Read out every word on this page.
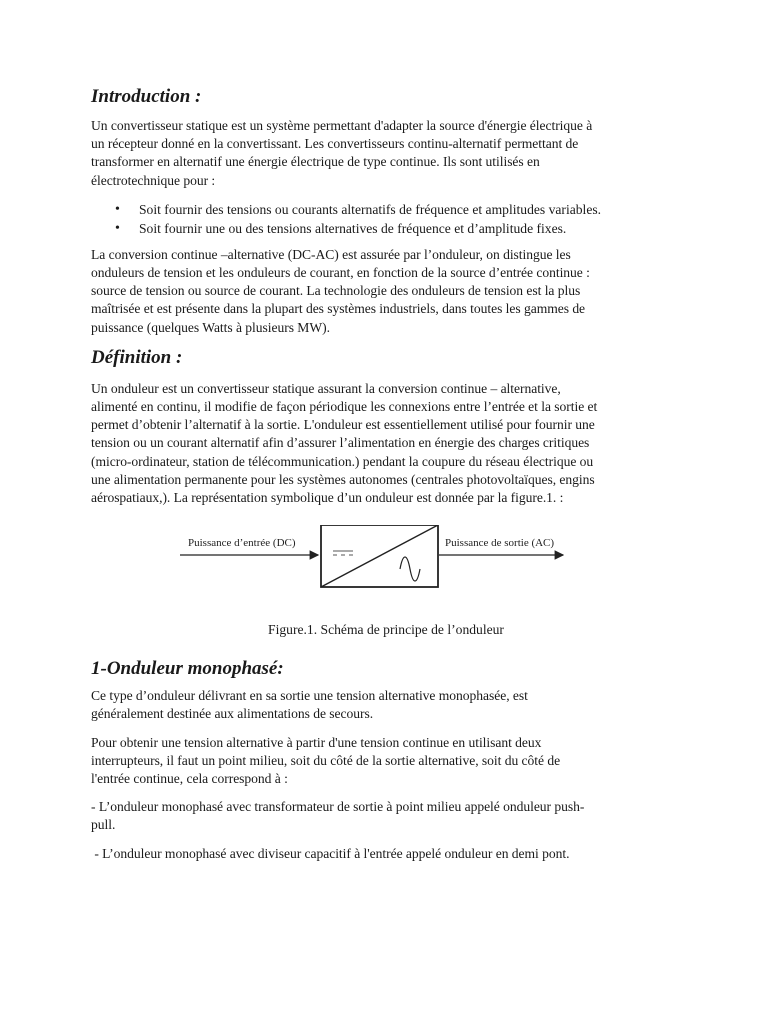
Introduction :

Un convertisseur statique est un système permettant d'adapter la source d'énergie électrique à
un récepteur donné en la convertissant. Les convertisseurs continu-alternatif permettant de
transformer en alternatif une énergie électrique de type continue. Ils sont utilisés en
électrotechnique pour :

• Soit fournir des tensions ou courants alternatifs de fréquence et amplitudes variables.
• Soit fournir une ou des tensions alternatives de fréquence et d’amplitude fixes.

La conversion continue –alternative (DC-AC) est assurée par l’onduleur, on distingue les
onduleurs de tension et les onduleurs de courant, en fonction de la source d’entrée continue :
source de tension ou source de courant. La technologie des onduleurs de tension est la plus
maîtrisée et est présente dans la plupart des systèmes industriels, dans toutes les gammes de
puissance (quelques Watts à plusieurs MW).

Définition :

Un onduleur est un convertisseur statique assurant la conversion continue – alternative,
alimenté en continu, il modifie de façon périodique les connexions entre l’entrée et la sortie et
permet d’obtenir l’alternatif à la sortie. L'onduleur est essentiellement utilisé pour fournir une
tension ou un courant alternatif afin d’assurer l’alimentation en énergie des charges critiques
(micro-ordinateur, station de télécommunication.) pendant la coupure du réseau électrique ou
une alimentation permanente pour les systèmes autonomes (centrales photovoltaïques, engins
aérospatiaux,). La représentation symbolique d’un onduleur est donnée par la figure.1. :

Puissance d’entrée (DC)	Puissance de sortie (AC)

Figure.1. Schéma de principe de l’onduleur

1-Onduleur monophasé:

Ce type d’onduleur délivrant en sa sortie une tension alternative monophasée, est
généralement destinée aux alimentations de secours.

Pour obtenir une tension alternative à partir d'une tension continue en utilisant deux
interrupteurs, il faut un point milieu, soit du côté de la sortie alternative, soit du côté de
l'entrée continue, cela correspond à :

- L’onduleur monophasé avec transformateur de sortie à point milieu appelé onduleur push-
pull.

- L’onduleur monophasé avec diviseur capacitif à l'entrée appelé onduleur en demi pont.
